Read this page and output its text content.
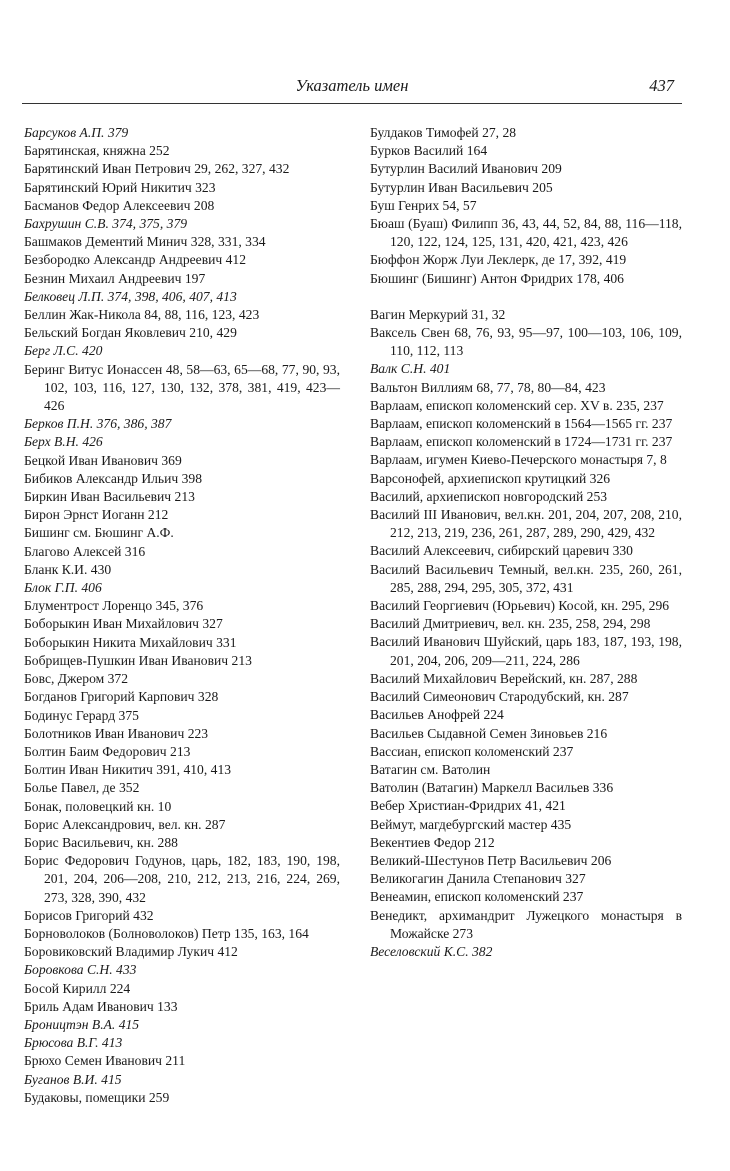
Указатель имен	437
Барсуков А.П. 379
Барятинская, княжна 252
Барятинский Иван Петрович 29, 262, 327, 432
Барятинский Юрий Никитич 323
Басманов Федор Алексеевич 208
Бахрушин С.В. 374, 375, 379
Башмаков Дементий Минич 328, 331, 334
Безбородко Александр Андреевич 412
Безнин Михаил Андреевич 197
Белковец Л.П. 374, 398, 406, 407, 413
Беллин Жак-Никола 84, 88, 116, 123, 423
Бельский Богдан Яковлевич 210, 429
Берг Л.С. 420
Беринг Витус Ионассен 48, 58—63, 65—68, 77, 90, 93, 102, 103, 116, 127, 130, 132, 378, 381, 419, 423—426
Берков П.Н. 376, 386, 387
Берх В.Н. 426
Бецкой Иван Иванович 369
Бибиков Александр Ильич 398
Биркин Иван Васильевич 213
Бирон Эрнст Иоганн 212
Бишинг см. Бюшинг А.Ф.
Благово Алексей 316
Бланк К.И. 430
Блок Г.П. 406
Блументрост Лоренцо 345, 376
Боборыкин Иван Михайлович 327
Боборыкин Никита Михайлович 331
Бобрищев-Пушкин Иван Иванович 213
Бовс, Джером 372
Богданов Григорий Карпович 328
Бодинус Герард 375
Болотников Иван Иванович 223
Болтин Баим Федорович 213
Болтин Иван Никитич 391, 410, 413
Болье Павел, де 352
Бонак, половецкий кн. 10
Борис Александрович, вел. кн. 287
Борис Васильевич, кн. 288
Борис Федорович Годунов, царь, 182, 183, 190, 198, 201, 204, 206—208, 210, 212, 213, 216, 224, 269, 273, 328, 390, 432
Борисов Григорий 432
Борноволоков (Болноволоков) Петр 135, 163, 164
Боровиковский Владимир Лукич 412
Боровкова С.Н. 433
Босой Кирилл 224
Бриль Адам Иванович 133
Броництэн В.А. 415
Брюсова В.Г. 413
Брюхо Семен Иванович 211
Буганов В.И. 415
Будаковы, помещики 259
Булдаков Тимофей 27, 28
Бурков Василий 164
Бутурлин Василий Иванович 209
Бутурлин Иван Васильевич 205
Буш Генрих 54, 57
Бюаш (Буаш) Филипп 36, 43, 44, 52, 84, 88, 116—118, 120, 122, 124, 125, 131, 420, 421, 423, 426
Бюффон Жорж Луи Леклерк, де 17, 392, 419
Бюшинг (Бишинг) Антон Фридрих 178, 406
Вагин Меркурий 31, 32
Ваксель Свен 68, 76, 93, 95—97, 100—103, 106, 109, 110, 112, 113
Валк С.Н. 401
Вальтон Виллиям 68, 77, 78, 80—84, 423
Варлаам, епископ коломенский сер. XV в. 235, 237
Варлаам, епископ коломенский в 1564—1565 гг. 237
Варлаам, епископ коломенский в 1724—1731 гг. 237
Варлаам, игумен Киево-Печерского монастыря 7, 8
Варсонофей, архиепископ крутицкий 326
Василий, архиепископ новгородский 253
Василий III Иванович, вел.кн. 201, 204, 207, 208, 210, 212, 213, 219, 236, 261, 287, 289, 290, 429, 432
Василий Алексеевич, сибирский царевич 330
Василий Васильевич Темный, вел.кн. 235, 260, 261, 285, 288, 294, 295, 305, 372, 431
Василий Георгиевич (Юрьевич) Косой, кн. 295, 296
Василий Дмитриевич, вел. кн. 235, 258, 294, 298
Василий Иванович Шуйский, царь 183, 187, 193, 198, 201, 204, 206, 209—211, 224, 286
Василий Михайлович Верейский, кн. 287, 288
Василий Симеонович Стародубский, кн. 287
Васильев Анофрей 224
Васильев Сыдавной Семен Зиновьев 216
Вассиан, епископ коломенский 237
Ватагин см. Ватолин
Ватолин (Ватагин) Маркелл Васильев 336
Вебер Христиан-Фридрих 41, 421
Веймут, магдебургский мастер 435
Векентиев Федор 212
Великий-Шестунов Петр Васильевич 206
Великогагин Данила Степанович 327
Венеамин, епископ коломенский 237
Венедикт, архимандрит Лужецкого монастыря в Можайске 273
Веселовский К.С. 382
